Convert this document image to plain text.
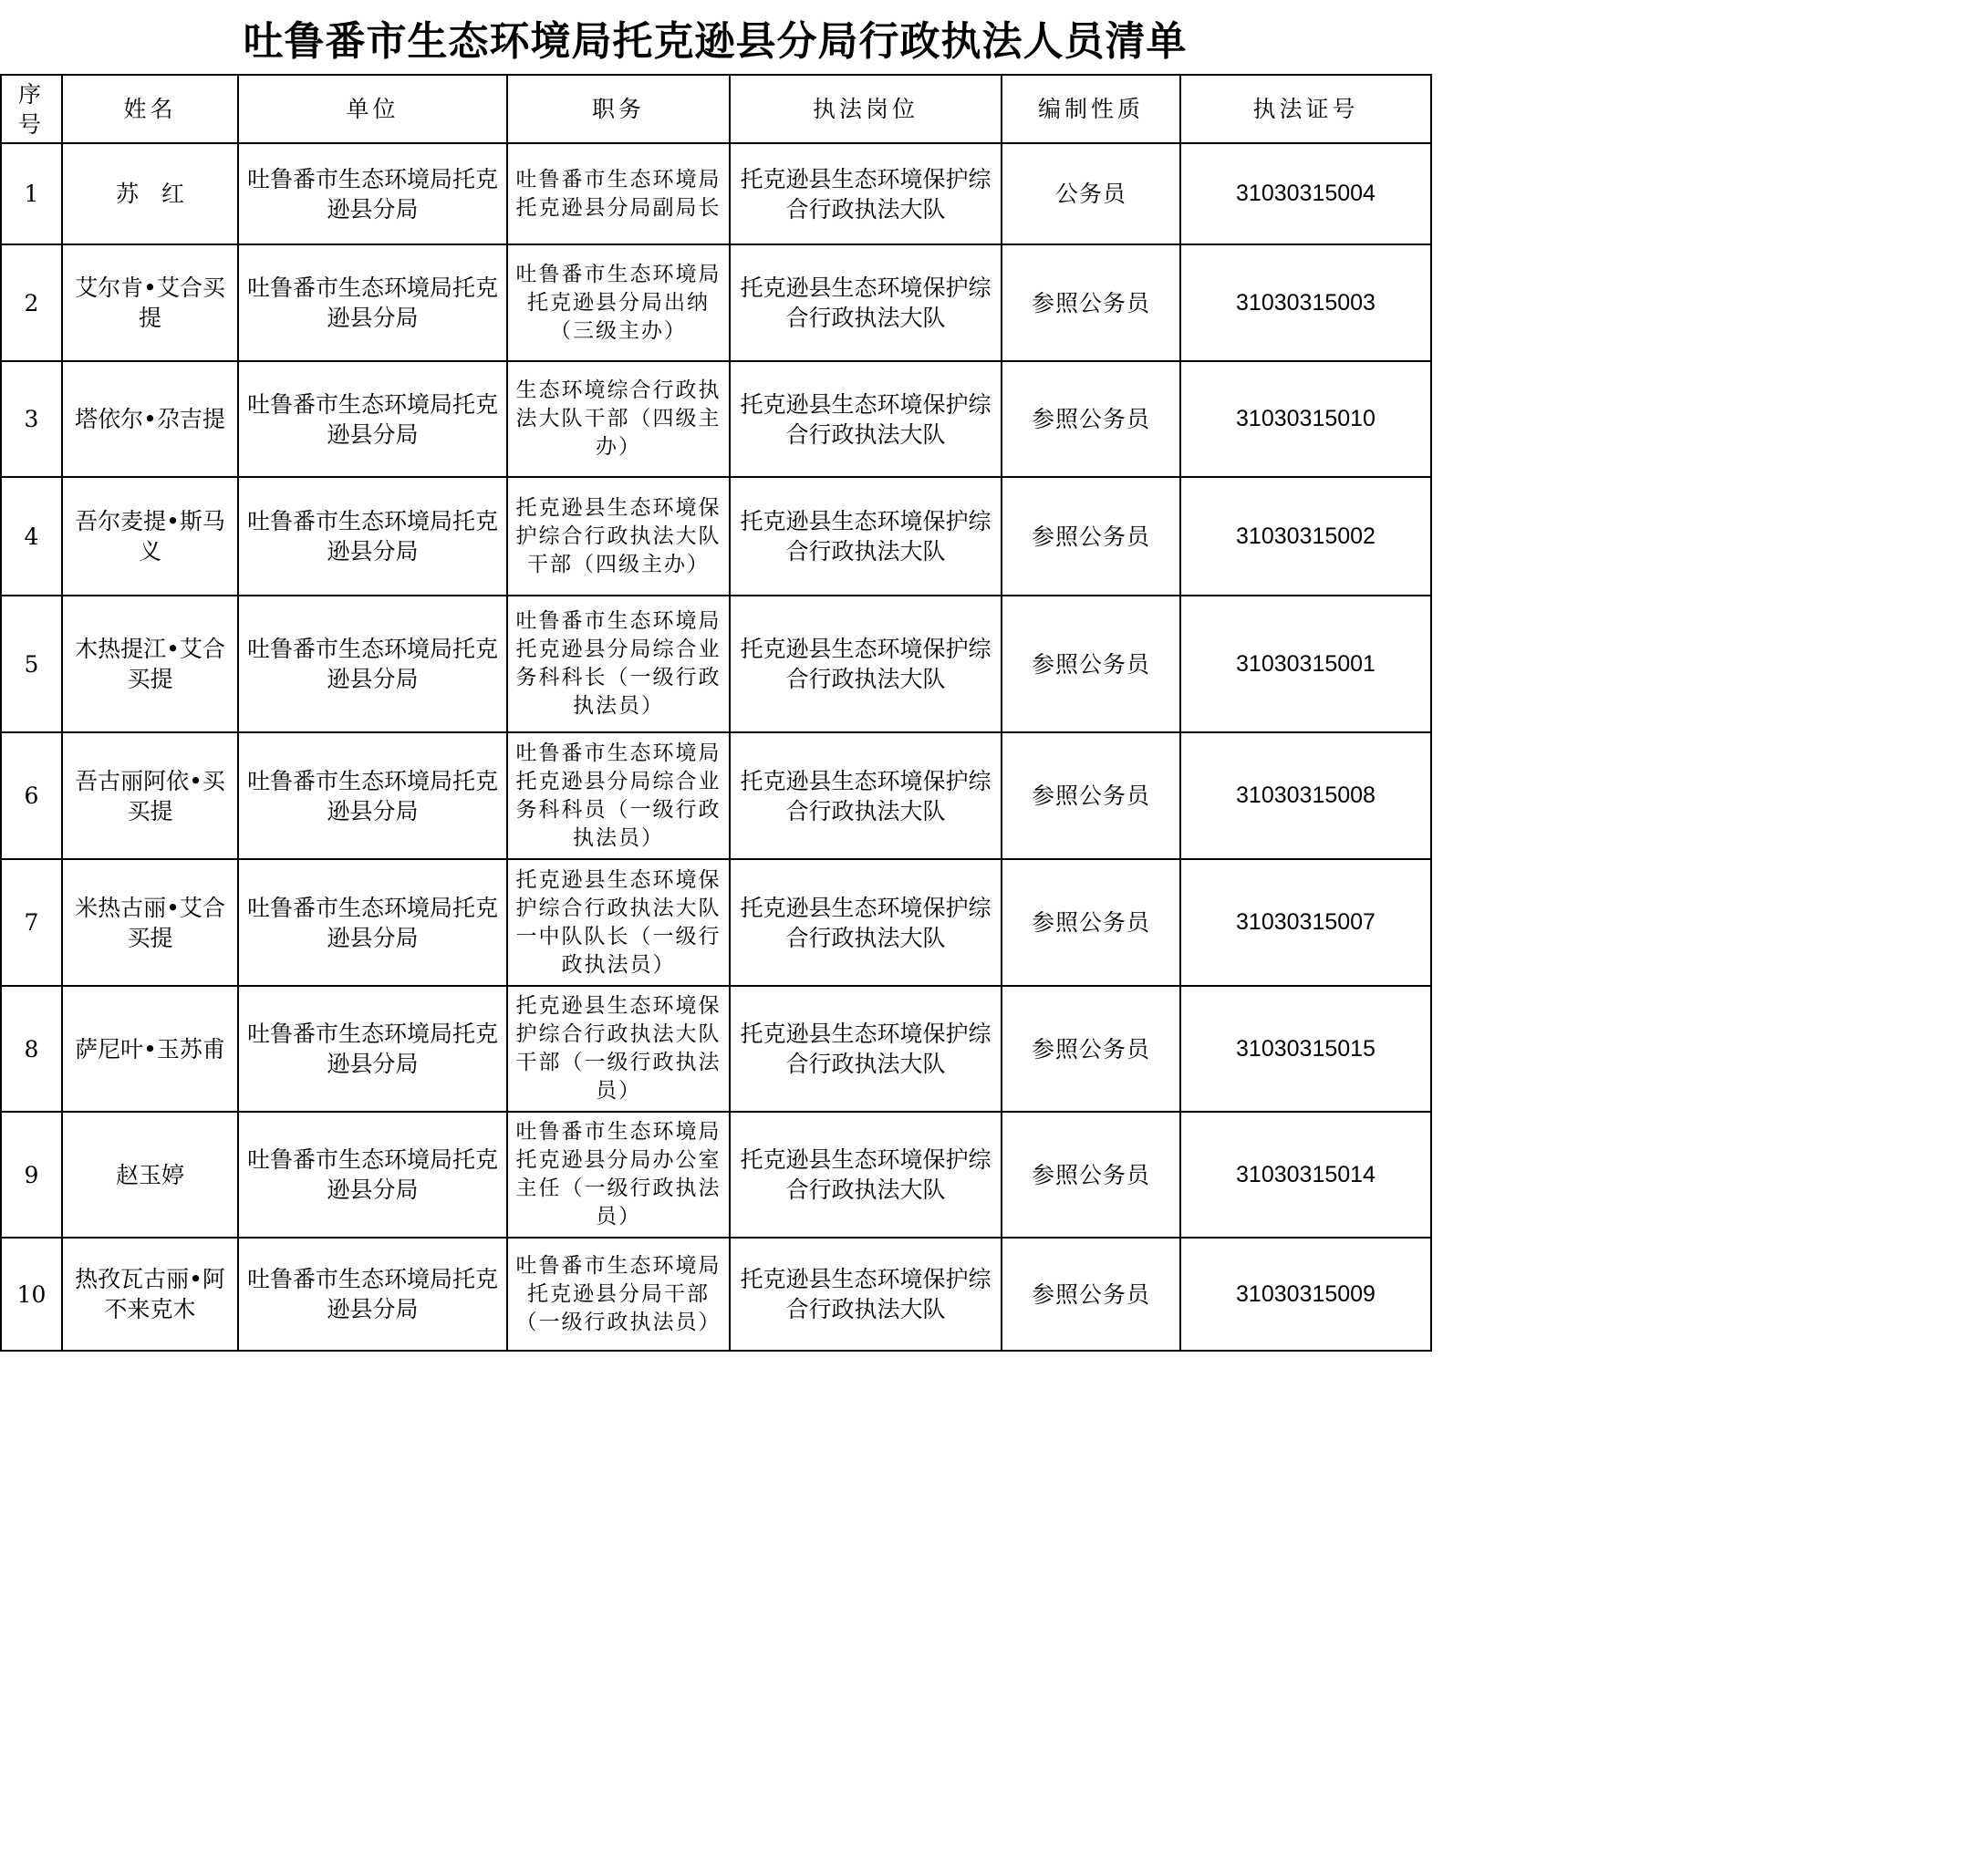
吐鲁番市生态环境局托克逊县分局行政执法人员清单
序号	姓名	单位	职务	执法岗位	编制性质	执法证号
1	苏　红	吐鲁番市生态环境局托克逊县分局	吐鲁番市生态环境局托克逊县分局副局长	托克逊县生态环境保护综合行政执法大队	公务员	31030315004
2	艾尔肯•艾合买提	吐鲁番市生态环境局托克逊县分局	吐鲁番市生态环境局托克逊县分局出纳（三级主办）	托克逊县生态环境保护综合行政执法大队	参照公务员	31030315003
3	塔依尔•尕吉提	吐鲁番市生态环境局托克逊县分局	生态环境综合行政执法大队干部（四级主办）	托克逊县生态环境保护综合行政执法大队	参照公务员	31030315010
4	吾尔麦提•斯马义	吐鲁番市生态环境局托克逊县分局	托克逊县生态环境保护综合行政执法大队干部（四级主办）	托克逊县生态环境保护综合行政执法大队	参照公务员	31030315002
5	木热提江•艾合买提	吐鲁番市生态环境局托克逊县分局	吐鲁番市生态环境局托克逊县分局综合业务科科长（一级行政执法员）	托克逊县生态环境保护综合行政执法大队	参照公务员	31030315001
6	吾古丽阿依•买买提	吐鲁番市生态环境局托克逊县分局	吐鲁番市生态环境局托克逊县分局综合业务科科员（一级行政执法员）	托克逊县生态环境保护综合行政执法大队	参照公务员	31030315008
7	米热古丽•艾合买提	吐鲁番市生态环境局托克逊县分局	托克逊县生态环境保护综合行政执法大队一中队队长（一级行政执法员）	托克逊县生态环境保护综合行政执法大队	参照公务员	31030315007
8	萨尼叶•玉苏甫	吐鲁番市生态环境局托克逊县分局	托克逊县生态环境保护综合行政执法大队干部（一级行政执法员）	托克逊县生态环境保护综合行政执法大队	参照公务员	31030315015
9	赵玉婷	吐鲁番市生态环境局托克逊县分局	吐鲁番市生态环境局托克逊县分局办公室主任（一级行政执法员）	托克逊县生态环境保护综合行政执法大队	参照公务员	31030315014
10	热孜瓦古丽•阿不来克木	吐鲁番市生态环境局托克逊县分局	吐鲁番市生态环境局托克逊县分局干部（一级行政执法员）	托克逊县生态环境保护综合行政执法大队	参照公务员	31030315009
